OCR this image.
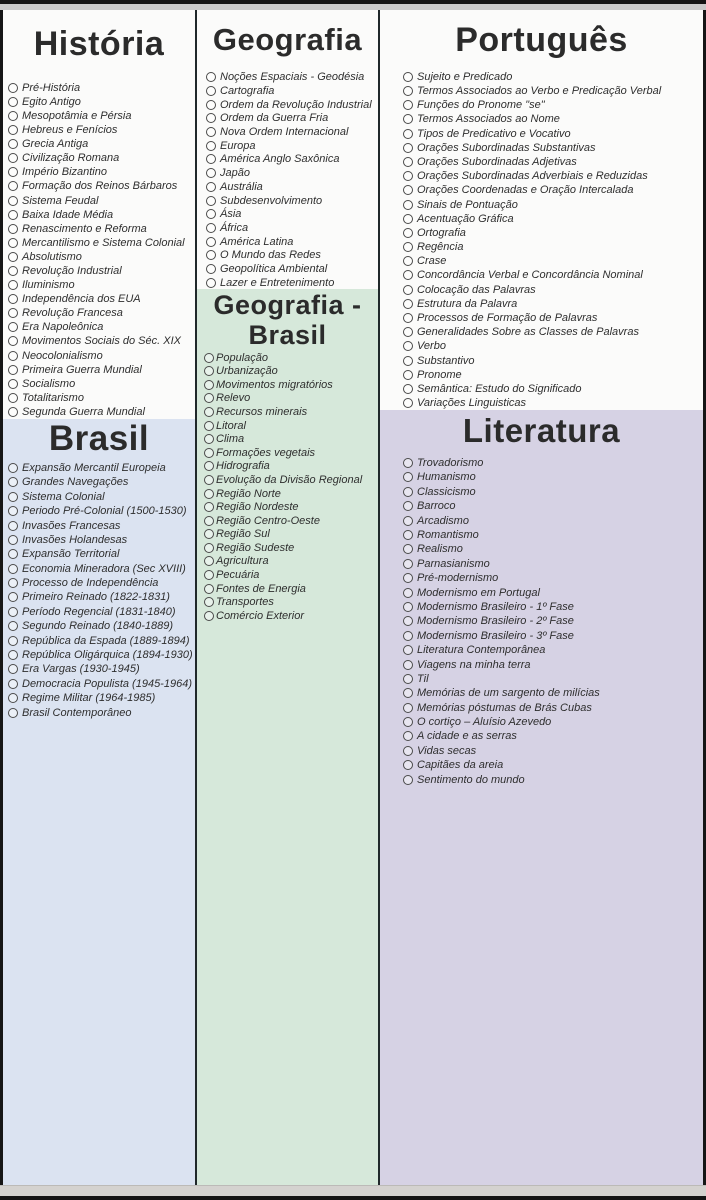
História
Pré-História
Egito Antigo
Mesopotâmia e Pérsia
Hebreus e Fenícios
Grecia Antiga
Civilização Romana
Império Bizantino
Formação dos Reinos Bárbaros
Sistema Feudal
Baixa Idade Média
Renascimento e Reforma
Mercantilismo e Sistema Colonial
Absolutismo
Revolução Industrial
Iluminismo
Independência dos EUA
Revolução Francesa
Era Napoleônica
Movimentos Sociais do Séc. XIX
Neocolonialismo
Primeira Guerra Mundial
Socialismo
Totalitarismo
Segunda Guerra Mundial
Brasil
Expansão Mercantil Europeia
Grandes Navegações
Sistema Colonial
Periodo Pré-Colonial (1500-1530)
Invasões Francesas
Invasões Holandesas
Expansão Territorial
Economia Mineradora (Sec XVIII)
Processo de Independência
Primeiro Reinado (1822-1831)
Período Regencial (1831-1840)
Segundo Reinado (1840-1889)
República da Espada (1889-1894)
República Oligárquica (1894-1930)
Era Vargas (1930-1945)
Democracia Populista (1945-1964)
Regime Militar (1964-1985)
Brasil Contemporâneo
Geografia
Noções Espaciais - Geodésia
Cartografia
Ordem da Revolução Industrial
Ordem da Guerra Fria
Nova Ordem Internacional
Europa
América Anglo Saxônica
Japão
Austrália
Subdesenvolvimento
Ásia
África
América Latina
O Mundo das Redes
Geopolítica Ambiental
Lazer e Entretenimento
Geografia - Brasil
População
Urbanização
Movimentos migratórios
Relevo
Recursos minerais
Litoral
Clima
Formações vegetais
Hidrografia
Evolução da Divisão Regional
Região Norte
Região Nordeste
Região Centro-Oeste
Região Sul
Região Sudeste
Agricultura
Pecuária
Fontes de Energia
Transportes
Comércio Exterior
Português
Sujeito e Predicado
Termos Associados ao Verbo e Predicação Verbal
Funções do Pronome "se"
Termos Associados ao Nome
Tipos de Predicativo e Vocativo
Orações Subordinadas Substantivas
Orações Subordinadas Adjetivas
Orações Subordinadas Adverbiais e Reduzidas
Orações Coordenadas e Oração Intercalada
Sinais de Pontuação
Acentuação Gráfica
Ortografia
Regência
Crase
Concordância Verbal e Concordância Nominal
Colocação das Palavras
Estrutura da Palavra
Processos de Formação de Palavras
Generalidades Sobre as Classes de Palavras
Verbo
Substantivo
Pronome
Semântica: Estudo do Significado
Variações Linguisticas
Literatura
Trovadorismo
Humanismo
Classicismo
Barroco
Arcadismo
Romantismo
Realismo
Parnasianismo
Pré-modernismo
Modernismo em Portugal
Modernismo Brasileiro - 1º Fase
Modernismo Brasileiro - 2º Fase
Modernismo Brasileiro - 3º Fase
Literatura Contemporânea
Viagens na minha terra
Til
Memórias de um sargento de milícias
Memórias póstumas de Brás Cubas
O cortiço – Aluísio Azevedo
A cidade e as serras
Vidas secas
Capitães da areia
Sentimento do mundo
